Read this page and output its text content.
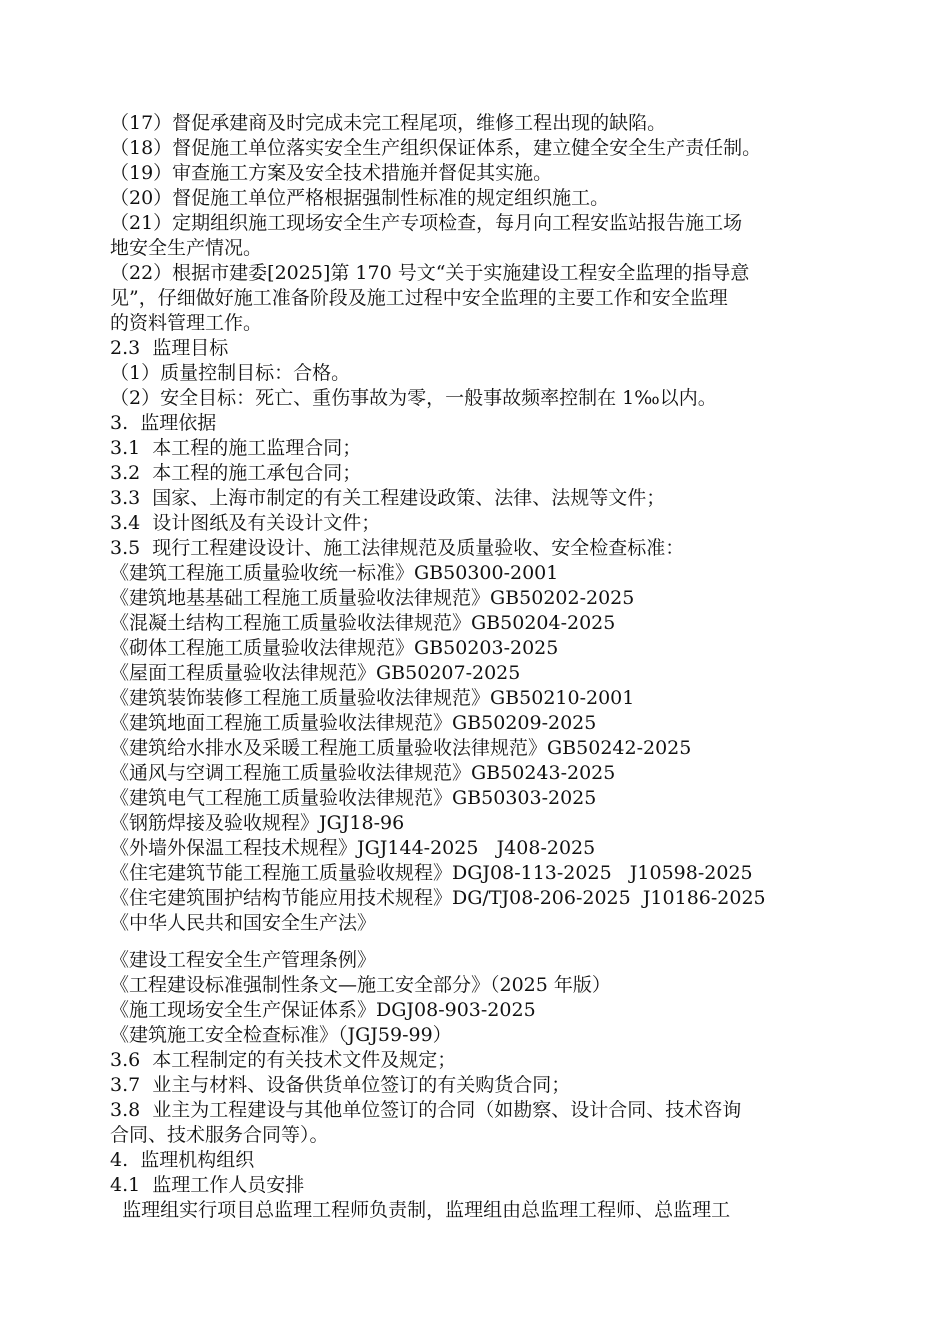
（17）督促承建商及时完成未完工程尾项，维修工程出现的缺陷。
（18）督促施工单位落实安全生产组织保证体系，建立健全安全生产责任制。
（19）审查施工方案及安全技术措施并督促其实施。
（20）督促施工单位严格根据强制性标准的规定组织施工。
（21）定期组织施工现场安全生产专项检查，每月向工程安监站报告施工场
地安全生产情况。
（22）根据市建委[2025]第 170 号文“关于实施建设工程安全监理的指导意
见”，仔细做好施工准备阶段及施工过程中安全监理的主要工作和安全监理
的资料管理工作。
2.3  监理目标
（1）质量控制目标：合格。
（2）安全目标：死亡、重伤事故为零，一般事故频率控制在 1‰以内。
3.  监理依据
3.1  本工程的施工监理合同；
3.2  本工程的施工承包合同；
3.3  国家、上海市制定的有关工程建设政策、法律、法规等文件；
3.4  设计图纸及有关设计文件；
3.5  现行工程建设设计、施工法律规范及质量验收、安全检查标准：
《建筑工程施工质量验收统一标准》GB50300-2001
《建筑地基基础工程施工质量验收法律规范》GB50202-2025
《混凝土结构工程施工质量验收法律规范》GB50204-2025
《砌体工程施工质量验收法律规范》GB50203-2025
《屋面工程质量验收法律规范》GB50207-2025
《建筑装饰装修工程施工质量验收法律规范》GB50210-2001
《建筑地面工程施工质量验收法律规范》GB50209-2025
《建筑给水排水及采暖工程施工质量验收法律规范》GB50242-2025
《通风与空调工程施工质量验收法律规范》GB50243-2025
《建筑电气工程施工质量验收法律规范》GB50303-2025
《钢筋焊接及验收规程》JGJ18-96
《外墙外保温工程技术规程》JGJ144-2025   J408-2025
《住宅建筑节能工程施工质量验收规程》DGJ08-113-2025   J10598-2025
《住宅建筑围护结构节能应用技术规程》DG/TJ08-206-2025  J10186-2025
《中华人民共和国安全生产法》
《建设工程安全生产管理条例》
《工程建设标准强制性条文—施工安全部分》（2025 年版）
《施工现场安全生产保证体系》DGJ08-903-2025
《建筑施工安全检查标准》（JGJ59-99）
3.6  本工程制定的有关技术文件及规定；
3.7  业主与材料、设备供货单位签订的有关购货合同；
3.8  业主为工程建设与其他单位签订的合同（如勘察、设计合同、技术咨询
合同、技术服务合同等）。
4.  监理机构组织
4.1  监理工作人员安排
监理组实行项目总监理工程师负责制，监理组由总监理工程师、总监理工
